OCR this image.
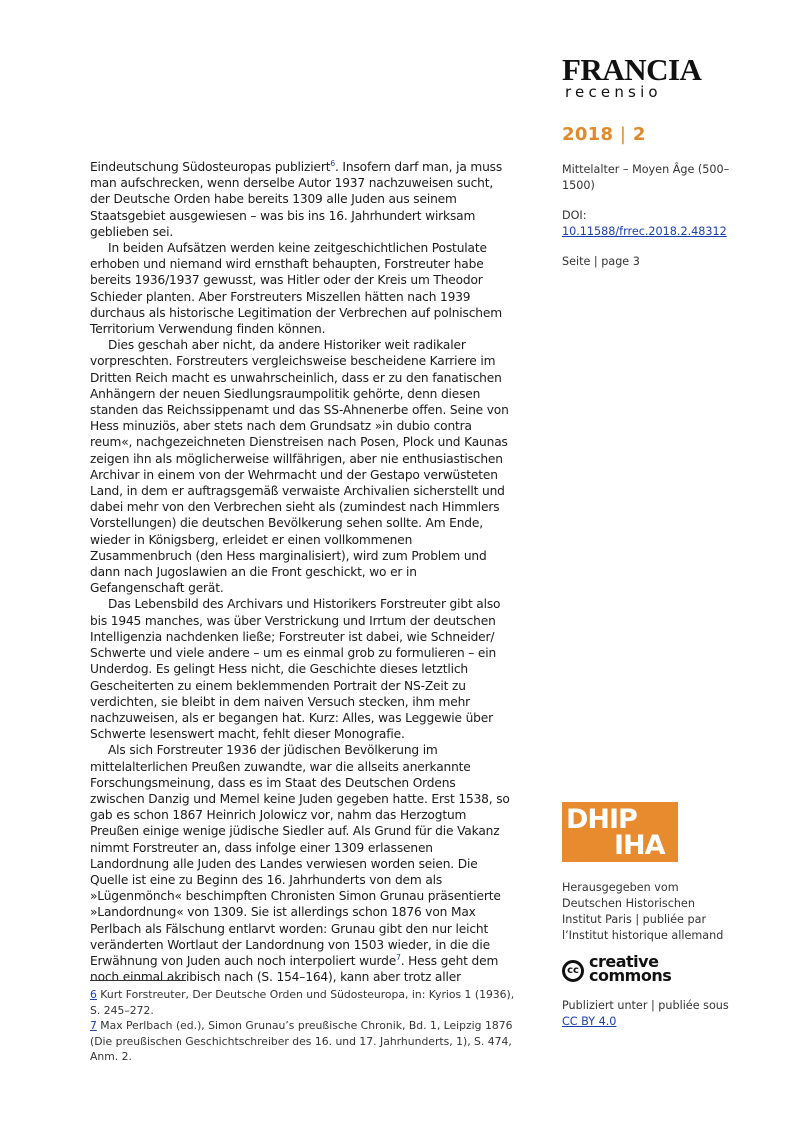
FRANCIA
recensio
2018 | 2
Mittelalter – Moyen Âge (500–1500)
DOI:
10.11588/frrec.2018.2.48312
Seite | page 3

Eindeutschung Südosteuropas publiziert$^6$. Insofern darf man, ja muss man aufschrecken, wenn derselbe Autor 1937 nachzuweisen sucht, der Deutsche Orden habe bereits 1309 alle Juden aus seinem Staatsgebiet ausgewiesen – was bis ins 16. Jahrhundert wirksam geblieben sei.

In beiden Aufsätzen werden keine zeitgeschichtlichen Postulate erhoben und niemand wird ernsthaft behaupten, Forstreuter habe bereits 1936/1937 gewusst, was Hitler oder der Kreis um Theodor Schieder planten. Aber Forstreuters Miszellen hätten nach 1939 durchaus als historische Legitimation der Verbrechen auf polnischem Territorium Verwendung finden können.

Dies geschah aber nicht, da andere Historiker weit radikaler vorpreschten. Forstreuters vergleichsweise bescheidene Karriere im Dritten Reich macht es unwahrscheinlich, dass er zu den fanatischen Anhängern der neuen Siedlungsraumpolitik gehörte, denn diesen standen das Reichssippenamt und das SS-Ahnenerbe offen. Seine von Hess minuziös, aber stets nach dem Grundsatz »in dubio contra reum«, nachgezeichneten Dienstreisen nach Posen, Plock und Kaunas zeigen ihn als möglicherweise willfährigen, aber nie enthusiastischen Archivar in einem von der Wehrmacht und der Gestapo verwüsteten Land, in dem er auftragsgemäß verwaiste Archivalien sicherstellt und dabei mehr von den Verbrechen sieht als (zumindest nach Himmlers Vorstellungen) die deutschen Bevölkerung sehen sollte. Am Ende, wieder in Königsberg, erleidet er einen vollkommenen Zusammenbruch (den Hess marginalisiert), wird zum Problem und dann nach Jugoslawien an die Front geschickt, wo er in Gefangenschaft gerät.

Das Lebensbild des Archivars und Historikers Forstreuter gibt also bis 1945 manches, was über Verstrickung und Irrtum der deutschen Intelligenzia nachdenken ließe; Forstreuter ist dabei, wie Schneider/ Schwerte und viele andere – um es einmal grob zu formulieren – ein Underdog. Es gelingt Hess nicht, die Geschichte dieses letztlich Gescheiterten zu einem beklemmenden Portrait der NS-Zeit zu verdichten, sie bleibt in dem naiven Versuch stecken, ihm mehr nachzuweisen, als er begangen hat. Kurz: Alles, was Leggewie über Schwerte lesenswert macht, fehlt dieser Monografie.

Als sich Forstreuter 1936 der jüdischen Bevölkerung im mittelalterlichen Preußen zuwandte, war die allseits anerkannte Forschungsmeinung, dass es im Staat des Deutschen Ordens zwischen Danzig und Memel keine Juden gegeben hatte. Erst 1538, so gab es schon 1867 Heinrich Jolowicz vor, nahm das Herzogtum Preußen einige wenige jüdische Siedler auf. Als Grund für die Vakanz nimmt Forstreuter an, dass infolge einer 1309 erlassenen Landordnung alle Juden des Landes verwiesen worden seien. Die Quelle ist eine zu Beginn des 16. Jahrhunderts von dem als »Lügenmönch« beschimpften Chronisten Simon Grunau präsentierte »Landordnung« von 1309. Sie ist allerdings schon 1876 von Max Perlbach als Fälschung entlarvt worden: Grunau gibt den nur leicht veränderten Wortlaut der Landordnung von 1503 wieder, in die die Erwähnung von Juden auch noch interpoliert wurde$^7$. Hess geht dem noch einmal akribisch nach (S. 154–164), kann aber trotz aller

6 Kurt Forstreuter, Der Deutsche Orden und Südosteuropa, in: Kyrios 1 (1936), S. 245–272.

7 Max Perlbach (ed.), Simon Grunau’s preußische Chronik, Bd. 1, Leipzig 1876 (Die preußischen Geschichtschreiber des 16. und 17. Jahrhunderts, 1), S. 474, Anm. 2.

DHIP
IHA
Herausgegeben vom Deutschen Historischen Institut Paris | publiée par l’Institut historique allemand
cc creative
commons
Publiziert unter | publiée sous
CC BY 4.0
